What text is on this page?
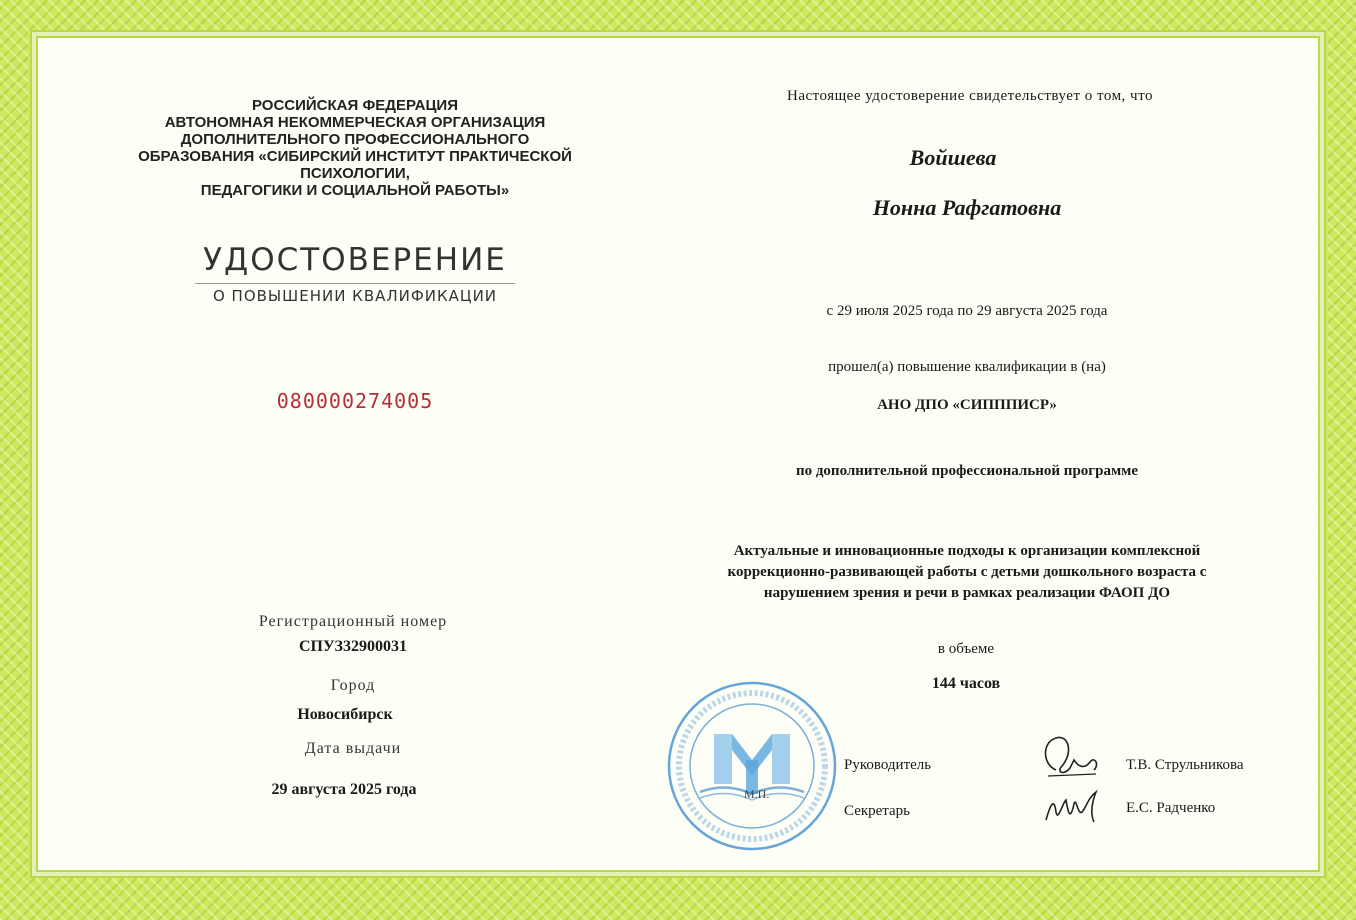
РОССИЙСКАЯ ФЕДЕРАЦИЯ
АВТОНОМНАЯ НЕКОММЕРЧЕСКАЯ ОРГАНИЗАЦИЯ
ДОПОЛНИТЕЛЬНОГО ПРОФЕССИОНАЛЬНОГО
ОБРАЗОВАНИЯ «СИБИРСКИЙ ИНСТИТУТ ПРАКТИЧЕСКОЙ
ПСИХОЛОГИИ,
ПЕДАГОГИКИ И СОЦИАЛЬНОЙ РАБОТЫ»
УДОСТОВЕРЕНИЕ
О ПОВЫШЕНИИ КВАЛИФИКАЦИИ
080000274005
Регистрационный номер
СПУЗ32900031
Город
Новосибирск
Дата выдачи
29 августа 2025 года
Настоящее удостоверение свидетельствует о том, что
Войшева
Нонна Рафгатовна
с 29 июля 2025 года по 29 августа 2025 года
прошел(а) повышение квалификации в (на)
АНО ДПО «СИПППИСР»
по дополнительной профессиональной программе
Актуальные и инновационные подходы к организации комплексной
коррекционно-развивающей работы с детьми дошкольного возраста с
нарушением зрения и речи в рамках реализации ФАОП ДО
в объеме
144 часов
М.П.
Руководитель	Т.В. Струльникова
Секретарь	Е.С. Радченко
